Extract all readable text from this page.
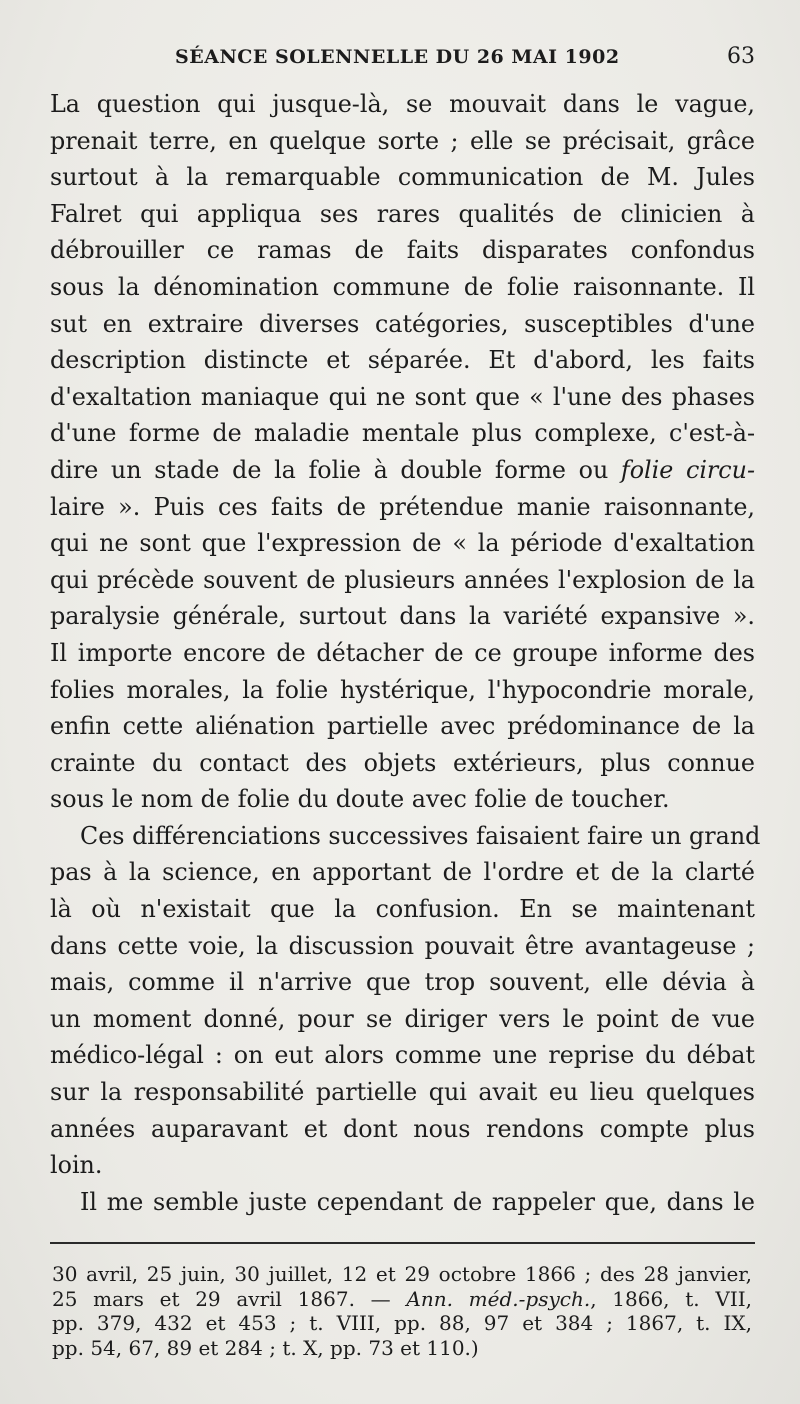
SÉANCE SOLENNELLE DU 26 MAI 1902	63
La question qui jusque-là, se mouvait dans le vague,
prenait terre, en quelque sorte ; elle se précisait, grâce
surtout à la remarquable communication de M. Jules
Falret qui appliqua ses rares qualités de clinicien à
débrouiller ce ramas de faits disparates confondus
sous la dénomination commune de folie raisonnante. Il
sut en extraire diverses catégories, susceptibles d'une
description distincte et séparée. Et d'abord, les faits
d'exaltation maniaque qui ne sont que « l'une des phases
d'une forme de maladie mentale plus complexe, c'est-à-
dire un stade de la folie à double forme ou folie circu-
laire ». Puis ces faits de prétendue manie raisonnante,
qui ne sont que l'expression de « la période d'exaltation
qui précède souvent de plusieurs années l'explosion de la
paralysie générale, surtout dans la variété expansive ».
Il importe encore de détacher de ce groupe informe des
folies morales, la folie hystérique, l'hypocondrie morale,
enfin cette aliénation partielle avec prédominance de la
crainte du contact des objets extérieurs, plus connue
sous le nom de folie du doute avec folie de toucher.
Ces différenciations successives faisaient faire un grand
pas à la science, en apportant de l'ordre et de la clarté
là où n'existait que la confusion. En se maintenant
dans cette voie, la discussion pouvait être avantageuse ;
mais, comme il n'arrive que trop souvent, elle dévia à
un moment donné, pour se diriger vers le point de vue
médico-légal : on eut alors comme une reprise du débat
sur la responsabilité partielle qui avait eu lieu quelques
années auparavant et dont nous rendons compte plus
loin.
Il me semble juste cependant de rappeler que, dans le
30 avril, 25 juin, 30 juillet, 12 et 29 octobre 1866 ; des 28 janvier,
25 mars et 29 avril 1867. — Ann. méd.-psych., 1866, t. VII,
pp. 379, 432 et 453 ; t. VIII, pp. 88, 97 et 384 ; 1867, t. IX,
pp. 54, 67, 89 et 284 ; t. X, pp. 73 et 110.)
